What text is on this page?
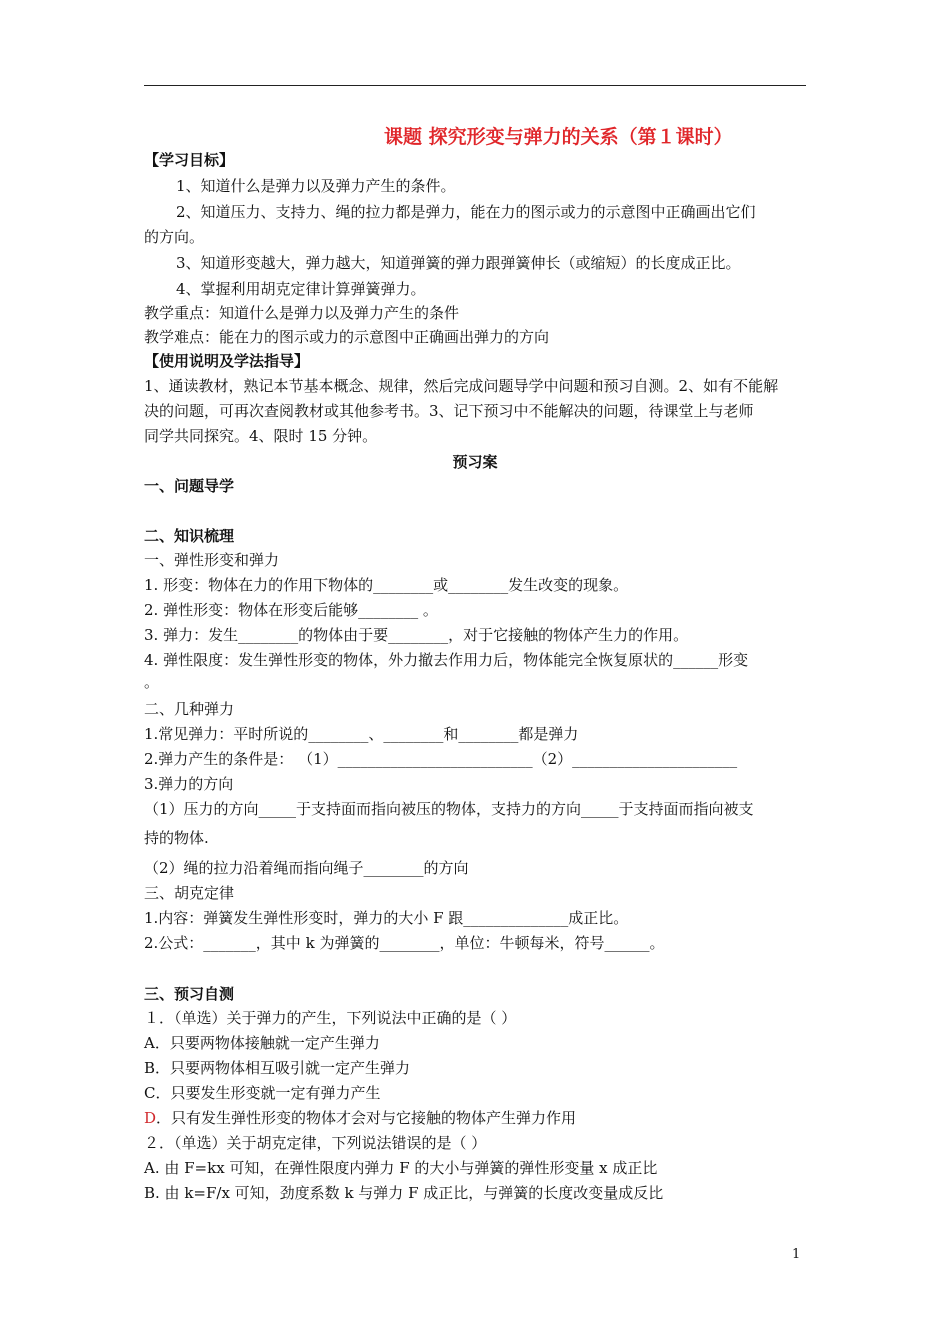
课题 探究形变与弹力的关系（第１课时）
【学习目标】
1、知道什么是弹力以及弹力产生的条件。
2、知道压力、支持力、绳的拉力都是弹力，能在力的图示或力的示意图中正确画出它们
的方向。
3、知道形变越大，弹力越大，知道弹簧的弹力跟弹簧伸长（或缩短）的长度成正比。
4、掌握利用胡克定律计算弹簧弹力。
教学重点：知道什么是弹力以及弹力产生的条件
教学难点：能在力的图示或力的示意图中正确画出弹力的方向
【使用说明及学法指导】
1、通读教材，熟记本节基本概念、规律，然后完成问题导学中问题和预习自测。2、如有不能解
决的问题，可再次查阅教材或其他参考书。3、记下预习中不能解决的问题，待课堂上与老师
同学共同探究。4、限时 15 分钟。
预习案
一、问题导学
二、知识梳理
一、弹性形变和弹力
1. 形变：物体在力的作用下物体的________或________发生改变的现象。
2. 弹性形变：物体在形变后能够________ 。
3. 弹力：发生________的物体由于要________，对于它接触的物体产生力的作用。
4. 弹性限度：发生弹性形变的物体，外力撤去作用力后，物体能完全恢复原状的______形变
。
二、几种弹力
1.常见弹力：平时所说的________、________和________都是弹力
2.弹力产生的条件是： （1）__________________________（2）______________________
3.弹力的方向
（1）压力的方向_____于支持面而指向被压的物体，支持力的方向_____于支持面而指向被支
持的物体.
（2）绳的拉力沿着绳而指向绳子________的方向
三、胡克定律
1.内容：弹簧发生弹性形变时，弹力的大小 F 跟______________成正比。
2.公式：_______，其中 k 为弹簧的________，单位：牛顿每米，符号______。
三、预习自测
１．（单选）关于弹力的产生，下列说法中正确的是（ ）
A．只要两物体接触就一定产生弹力
B．只要两物体相互吸引就一定产生弹力
C．只要发生形变就一定有弹力产生
D．只有发生弹性形变的物体才会对与它接触的物体产生弹力作用
２．（单选）关于胡克定律，下列说法错误的是（ ）
A. 由 F=kx 可知，在弹性限度内弹力 F 的大小与弹簧的弹性形变量 x 成正比
B. 由 k=F/x 可知，劲度系数 k 与弹力 F 成正比，与弹簧的长度改变量成反比
1
